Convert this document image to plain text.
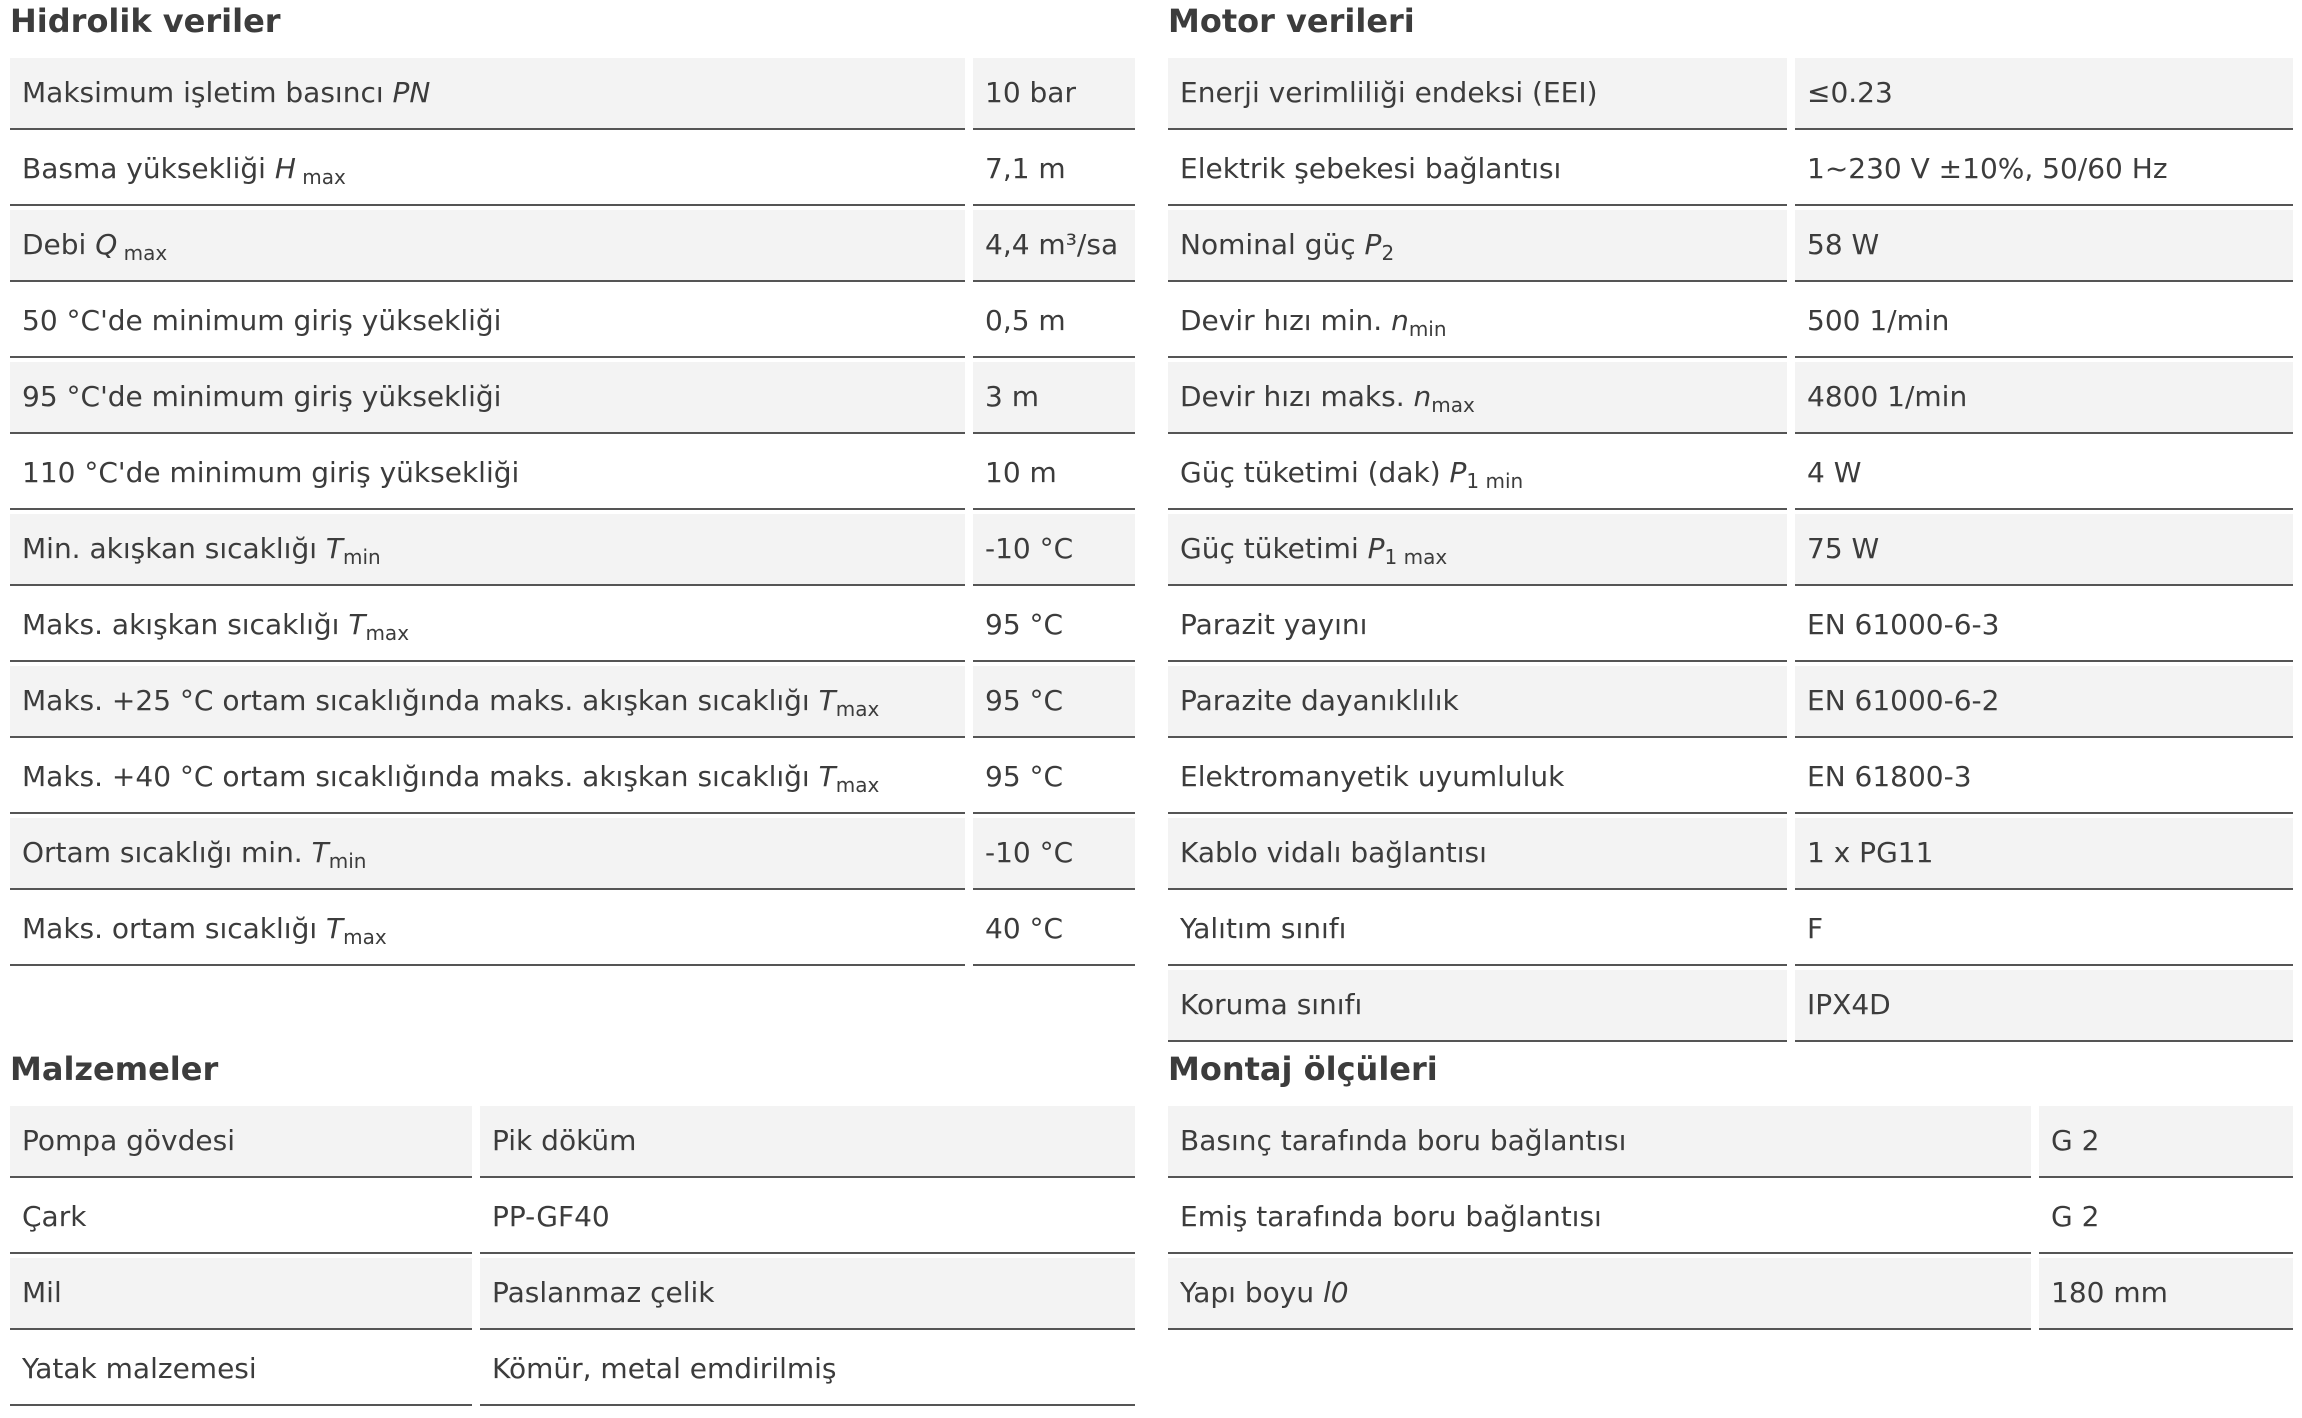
Hidrolik veriler
Maksimum işletim basıncı PN	10 bar
Basma yüksekliği H $_{max}$	7,1 m
Debi Q $_{max}$	4,4 m³/sa
50 °C'de minimum giriş yüksekliği	0,5 m
95 °C'de minimum giriş yüksekliği	3 m
110 °C'de minimum giriş yüksekliği	10 m
Min. akışkan sıcaklığı $T_{min}$	-10 °C
Maks. akışkan sıcaklığı $T_{max}$	95 °C
Maks. +25 °C ortam sıcaklığında maks. akışkan sıcaklığı $T_{max}$	95 °C
Maks. +40 °C ortam sıcaklığında maks. akışkan sıcaklığı $T_{max}$	95 °C
Ortam sıcaklığı min. $T_{min}$	-10 °C
Maks. ortam sıcaklığı $T_{max}$	40 °C
Motor verileri
Enerji verimliliği endeksi (EEI)	≤0.23
Elektrik şebekesi bağlantısı	1~230 V ±10%, 50/60 Hz
Nominal güç $P_2$	58 W
Devir hızı min. $n_{min}$	500 1/min
Devir hızı maks. $n_{max}$	4800 1/min
Güç tüketimi (dak) $P_{1 min}$	4 W
Güç tüketimi $P_{1 max}$	75 W
Parazit yayını	EN 61000-6-3
Parazite dayanıklılık	EN 61000-6-2
Elektromanyetik uyumluluk	EN 61800-3
Kablo vidalı bağlantısı	1 x PG11
Yalıtım sınıfı	F
Koruma sınıfı	IPX4D
Malzemeler
Pompa gövdesi	Pik döküm
Çark	PP-GF40
Mil	Paslanmaz çelik
Yatak malzemesi	Kömür, metal emdirilmiş
Montaj ölçüleri
Basınç tarafında boru bağlantısı	G 2
Emiş tarafında boru bağlantısı	G 2
Yapı boyu l0	180 mm
